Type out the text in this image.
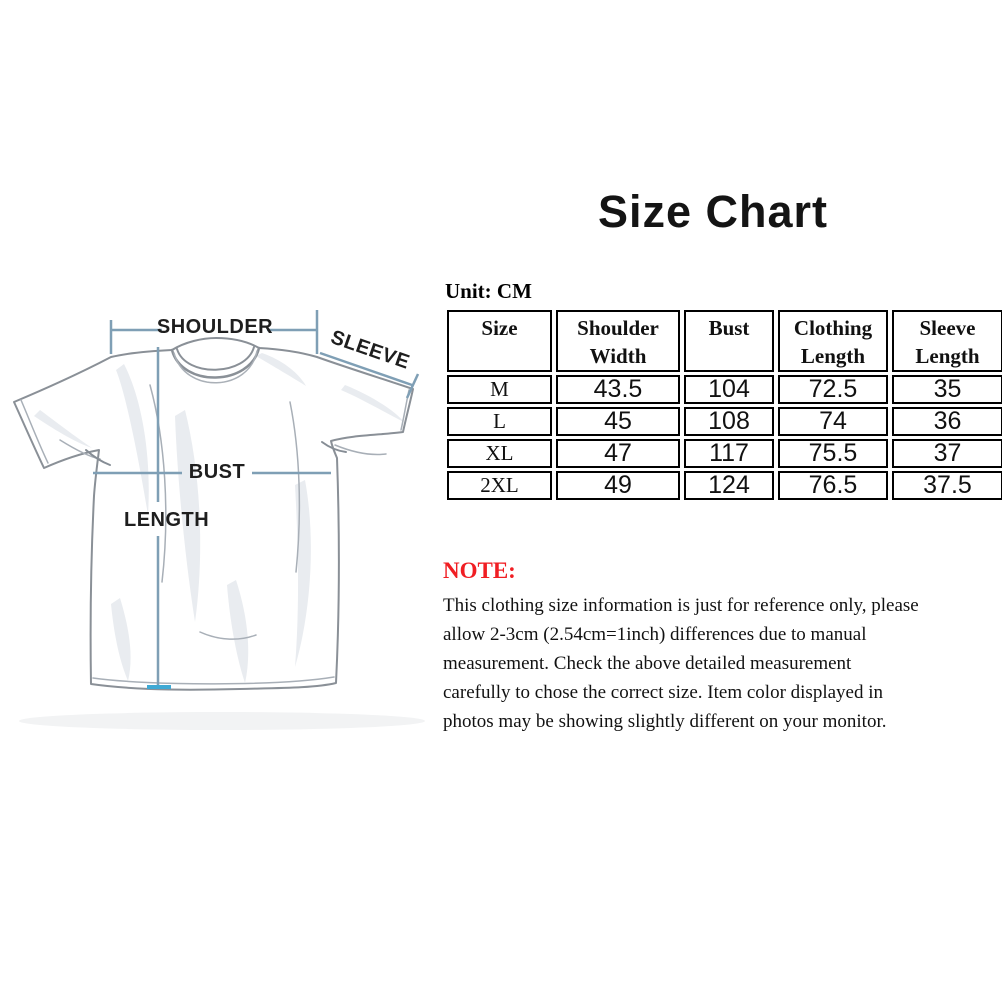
Size Chart
SHOULDER	SLEEVE
BUST
LENGTH
Unit: CM
Size	Shoulder Width	Bust	Clothing Length	Sleeve Length
M	43.5	104	72.5	35
L	45	108	74	36
XL	47	117	75.5	37
2XL	49	124	76.5	37.5
NOTE:
This clothing size information is just for reference only, please
allow 2-3cm (2.54cm=1inch) differences due to manual
measurement. Check the above detailed measurement
carefully to chose the correct size. Item color displayed in
photos may be showing slightly different on your monitor.
